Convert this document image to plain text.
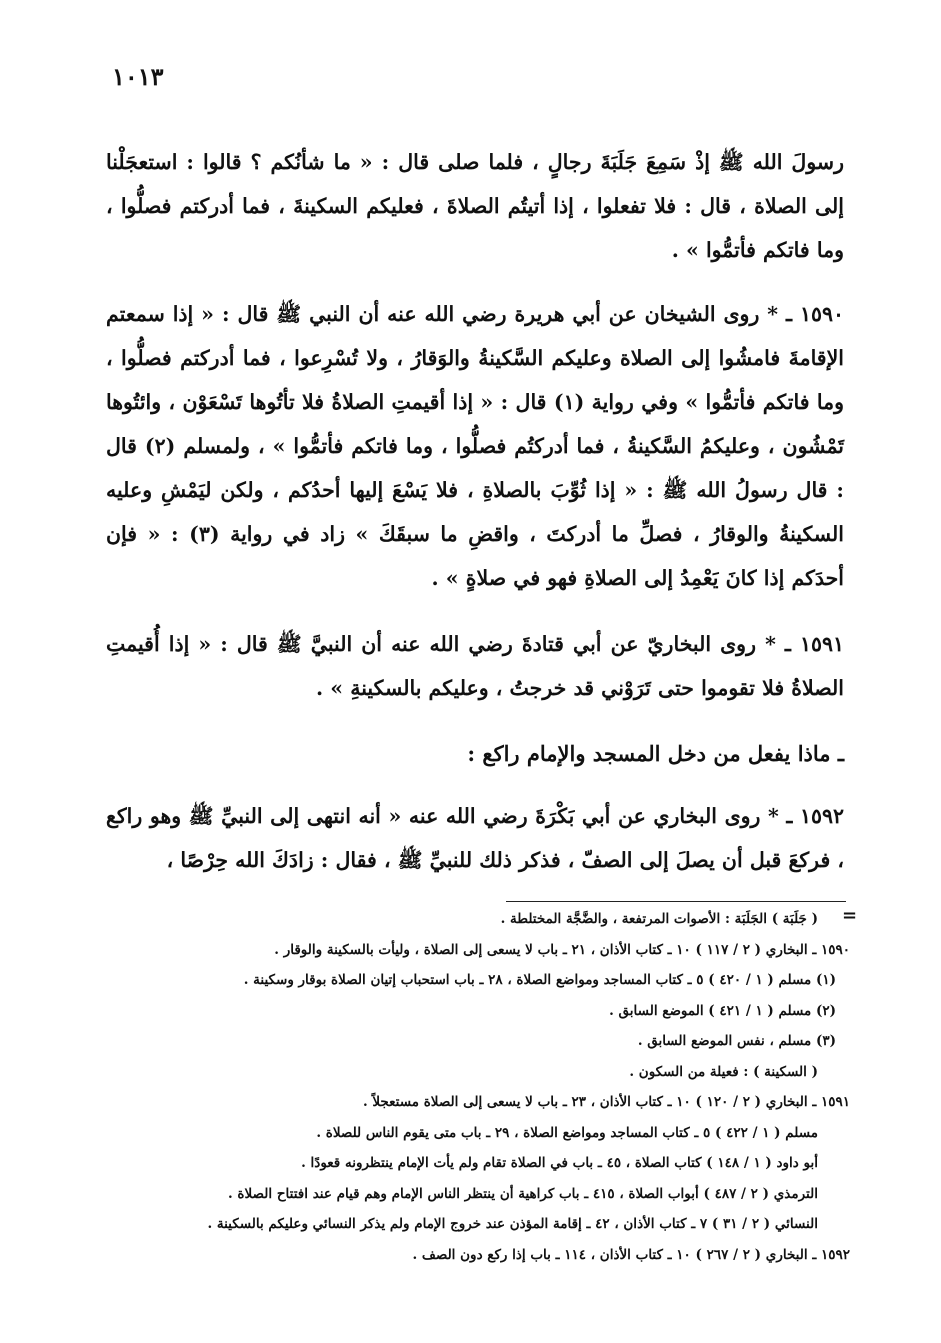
١٠١٣

رسولَ الله ﷺ إذْ سَمِعَ جَلَبَةَ رجالٍ ، فلما صلى قال : « ما شأنُكم ؟ قالوا : استعجَلْنا إلى الصلاة ، قال : فلا تفعلوا ، إذا أتيتُم الصلاةَ ، فعليكم السكينةَ ، فما أدركتم فصلُّوا ، وما فاتكم فأتمُّوا » .

١٥٩٠ ـ * روى الشيخان عن أبي هريرة رضي الله عنه أن النبي ﷺ قال : « إذا سمعتم الإقامةَ فامشُوا إلى الصلاة وعليكم السَّكينةُ والوَقارُ ، ولا تُسْرِعوا ، فما أدركتم فصلُّوا ، وما فاتكم فأتمُّوا » وفي رواية (١) قال : « إذا أقيمتِ الصلاةُ فلا تأتُوها تَسْعَوْن ، وائتُوها تَمْشُون ، وعليكمُ السَّكينةُ ، فما أدركتُم فصلُّوا ، وما فاتكم فأتمُّوا » ، ولمسلم (٢) قال : قال رسولُ الله ﷺ : « إذا ثُوِّبَ بالصلاةِ ، فلا يَسْعَ إليها أحدُكم ، ولكن ليَمْشِ وعليه السكينةُ والوقارُ ، فصلِّ ما أدركتَ ، واقضِ ما سبقَكَ » زاد في رواية (٣) : « فإن أحدَكم إذا كانَ يَعْمِدُ إلى الصلاةِ فهو في صلاةٍ » .

١٥٩١ ـ * روى البخاريّ عن أبي قتادةَ رضي الله عنه أن النبيَّ ﷺ قال : « إذا أُقيمتِ الصلاةُ فلا تقوموا حتى تَرَوْني قد خرجتُ ، وعليكم بالسكينةِ » .

ـ ماذا يفعل من دخل المسجد والإمام راكع :

١٥٩٢ ـ * روى البخاري عن أبي بَكْرَةَ رضي الله عنه « أنه انتهى إلى النبيِّ ﷺ وهو راكع ، فركعَ قبل أن يصلَ إلى الصفّ ، فذكر ذلك للنبيِّ ﷺ ، فقال : زادَكَ الله حِرْصًا ،

=
( جَلَبَة ) الجَلَبَة : الأصوات المرتفعة ، والضَّجَّة المختلطة .
١٥٩٠ ـ البخاري ( ٢ / ١١٧ ) ١٠ ـ كتاب الأذان ، ٢١ ـ باب لا يسعى إلى الصلاة ، وليأت بالسكينة والوقار .
(١) مسلم ( ١ / ٤٢٠ ) ٥ ـ كتاب المساجد ومواضع الصلاة ، ٢٨ ـ باب استحباب إتيان الصلاة بوقار وسكينة .
(٢) مسلم ( ١ / ٤٢١ ) الموضع السابق .
(٣) مسلم ، نفس الموضع السابق .
( السكينة ) : فعيلة من السكون .
١٥٩١ ـ البخاري ( ٢ / ١٢٠ ) ١٠ ـ كتاب الأذان ، ٢٣ ـ باب لا يسعى إلى الصلاة مستعجلاً .
مسلم ( ١ / ٤٢٢ ) ٥ ـ كتاب المساجد ومواضع الصلاة ، ٢٩ ـ باب متى يقوم الناس للصلاة .
أبو داود ( ١ / ١٤٨ ) كتاب الصلاة ، ٤٥ ـ باب في الصلاة تقام ولم يأت الإمام ينتظرونه قعودًا .
الترمذي ( ٢ / ٤٨٧ ) أبواب الصلاة ، ٤١٥ ـ باب كراهية أن ينتظر الناس الإمام وهم قيام عند افتتاح الصلاة .
النسائي ( ٢ / ٣١ ) ٧ ـ كتاب الأذان ، ٤٢ ـ إقامة المؤذن عند خروج الإمام ولم يذكر النسائي وعليكم بالسكينة .
١٥٩٢ ـ البخاري ( ٢ / ٢٦٧ ) ١٠ ـ كتاب الأذان ، ١١٤ ـ باب إذا ركع دون الصف .
